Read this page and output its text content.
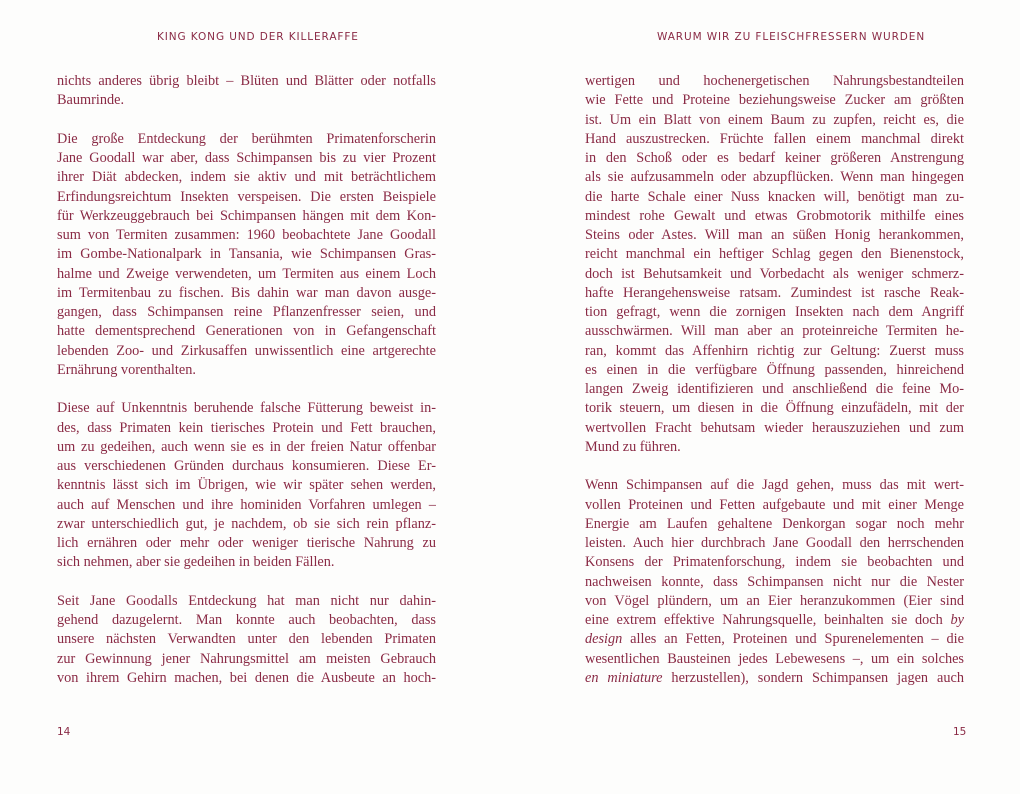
KING KONG UND DER KILLERAFFE
nichts anderes übrig bleibt – Blüten und Blätter oder notfalls
Baumrinde.
Die große Entdeckung der berühmten Primatenforscherin
Jane Goodall war aber, dass Schimpansen bis zu vier Prozent
ihrer Diät abdecken, indem sie aktiv und mit beträchtlichem
Erfindungsreichtum Insekten verspeisen. Die ersten Beispiele
für Werkzeuggebrauch bei Schimpansen hängen mit dem Kon-
sum von Termiten zusammen: 1960 beobachtete Jane Goodall
im Gombe-Nationalpark in Tansania, wie Schimpansen Gras-
halme und Zweige verwendeten, um Termiten aus einem Loch
im Termitenbau zu fischen. Bis dahin war man davon ausge-
gangen, dass Schimpansen reine Pflanzenfresser seien, und
hatte dementsprechend Generationen von in Gefangenschaft
lebenden Zoo- und Zirkusaffen unwissentlich eine artgerechte
Ernährung vorenthalten.
Diese auf Unkenntnis beruhende falsche Fütterung beweist in-
des, dass Primaten kein tierisches Protein und Fett brauchen,
um zu gedeihen, auch wenn sie es in der freien Natur offenbar
aus verschiedenen Gründen durchaus konsumieren. Diese Er-
kenntnis lässt sich im Übrigen, wie wir später sehen werden,
auch auf Menschen und ihre hominiden Vorfahren umlegen –
zwar unterschiedlich gut, je nachdem, ob sie sich rein pflanz-
lich ernähren oder mehr oder weniger tierische Nahrung zu
sich nehmen, aber sie gedeihen in beiden Fällen.
Seit Jane Goodalls Entdeckung hat man nicht nur dahin-
gehend dazugelernt. Man konnte auch beobachten, dass
unsere nächsten Verwandten unter den lebenden Primaten
zur Gewinnung jener Nahrungsmittel am meisten Gebrauch
von ihrem Gehirn machen, bei denen die Ausbeute an hoch-
14
WARUM WIR ZU FLEISCHFRESSERN WURDEN
wertigen und hochenergetischen Nahrungsbestandteilen
wie Fette und Proteine beziehungsweise Zucker am größten
ist. Um ein Blatt von einem Baum zu zupfen, reicht es, die
Hand auszustrecken. Früchte fallen einem manchmal direkt
in den Schoß oder es bedarf keiner größeren Anstrengung
als sie aufzusammeln oder abzupflücken. Wenn man hingegen
die harte Schale einer Nuss knacken will, benötigt man zu-
mindest rohe Gewalt und etwas Grobmotorik mithilfe eines
Steins oder Astes. Will man an süßen Honig herankommen,
reicht manchmal ein heftiger Schlag gegen den Bienenstock,
doch ist Behutsamkeit und Vorbedacht als weniger schmerz-
hafte Herangehensweise ratsam. Zumindest ist rasche Reak-
tion gefragt, wenn die zornigen Insekten nach dem Angriff
ausschwärmen. Will man aber an proteinreiche Termiten he-
ran, kommt das Affenhirn richtig zur Geltung: Zuerst muss
es einen in die verfügbare Öffnung passenden, hinreichend
langen Zweig identifizieren und anschließend die feine Mo-
torik steuern, um diesen in die Öffnung einzufädeln, mit der
wertvollen Fracht behutsam wieder herauszuziehen und zum
Mund zu führen.
Wenn Schimpansen auf die Jagd gehen, muss das mit wert-
vollen Proteinen und Fetten aufgebaute und mit einer Menge
Energie am Laufen gehaltene Denkorgan sogar noch mehr
leisten. Auch hier durchbrach Jane Goodall den herrschenden
Konsens der Primatenforschung, indem sie beobachten und
nachweisen konnte, dass Schimpansen nicht nur die Nester
von Vögel plündern, um an Eier heranzukommen (Eier sind
eine extrem effektive Nahrungsquelle, beinhalten sie doch by
design alles an Fetten, Proteinen und Spurenelementen – die
wesentlichen Bausteinen jedes Lebewesens –, um ein solches
en miniature herzustellen), sondern Schimpansen jagen auch
15
